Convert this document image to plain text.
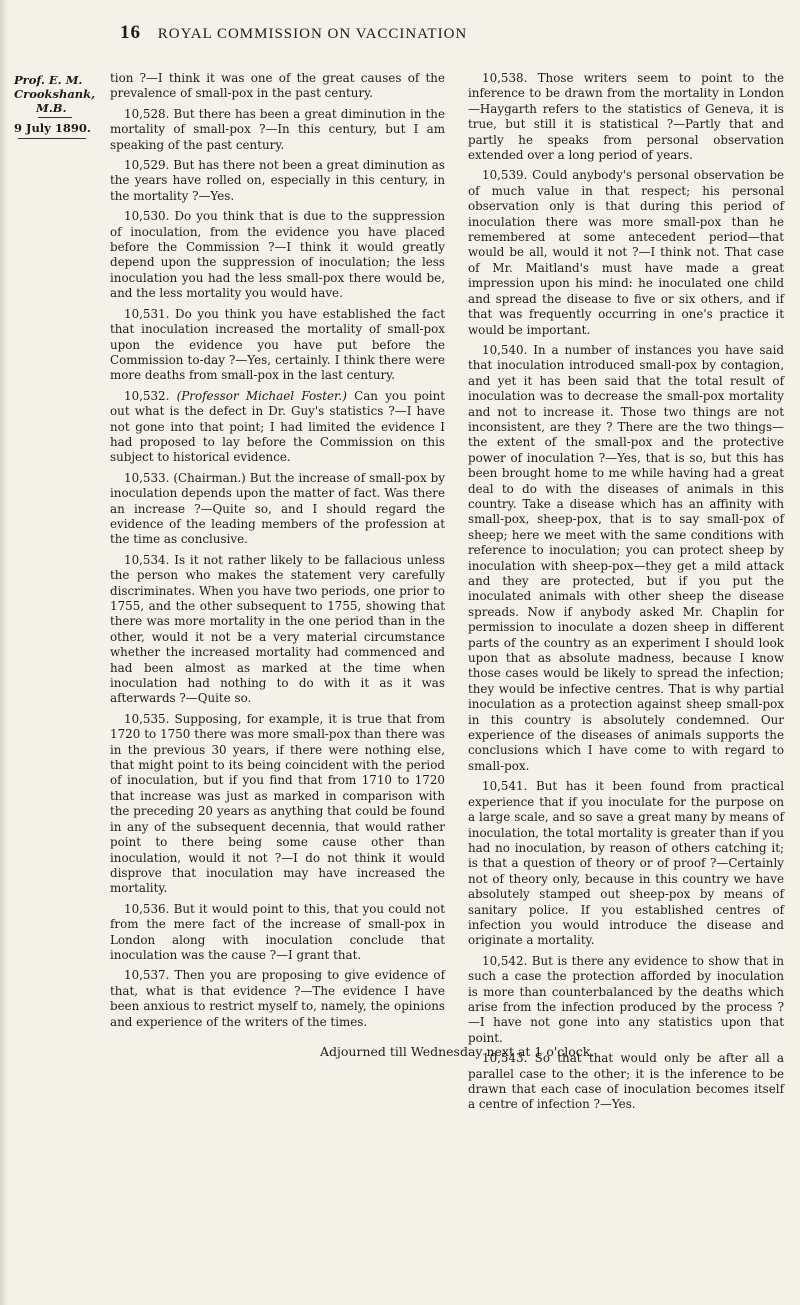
16 ROYAL COMMISSION ON VACCINATION
Prof. E. M.
Crookshank,
M.B.
9 July 1890.

tion ?—I think it was one of the great causes of the prevalence of small-pox in the past century.

10,528. But there has been a great diminution in the mortality of small-pox ?—In this century, but I am speaking of the past century.

10,529. But has there not been a great diminution as the years have rolled on, especially in this century, in the mortality ?—Yes.

10,530. Do you think that is due to the suppression of inoculation, from the evidence you have placed before the Commission ?—I think it would greatly depend upon the suppression of inoculation; the less inoculation you had the less small-pox there would be, and the less mortality you would have.

10,531. Do you think you have established the fact that inoculation increased the mortality of small-pox upon the evidence you have put before the Commission to-day ?—Yes, certainly. I think there were more deaths from small-pox in the last century.

10,532. (Professor Michael Foster.) Can you point out what is the defect in Dr. Guy's statistics ?—I have not gone into that point; I had limited the evidence I had proposed to lay before the Commission on this subject to historical evidence.

10,533. (Chairman.) But the increase of small-pox by inoculation depends upon the matter of fact. Was there an increase ?—Quite so, and I should regard the evidence of the leading members of the profession at the time as conclusive.

10,534. Is it not rather likely to be fallacious unless the person who makes the statement very carefully discriminates. When you have two periods, one prior to 1755, and the other subsequent to 1755, showing that there was more mortality in the one period than in the other, would it not be a very material circumstance whether the increased mortality had commenced and had been almost as marked at the time when inoculation had nothing to do with it as it was afterwards ?—Quite so.

10,535. Supposing, for example, it is true that from 1720 to 1750 there was more small-pox than there was in the previous 30 years, if there were nothing else, that might point to its being coincident with the period of inoculation, but if you find that from 1710 to 1720 that increase was just as marked in comparison with the preceding 20 years as anything that could be found in any of the subsequent decennia, that would rather point to there being some cause other than inoculation, would it not ?—I do not think it would disprove that inoculation may have increased the mortality.

10,536. But it would point to this, that you could not from the mere fact of the increase of small-pox in London along with inoculation conclude that inoculation was the cause ?—I grant that.

10,537. Then you are proposing to give evidence of that, what is that evidence ?—The evidence I have been anxious to restrict myself to, namely, the opinions and experience of the writers of the times.

10,538. Those writers seem to point to the inference to be drawn from the mortality in London—Haygarth refers to the statistics of Geneva, it is true, but still it is statistical ?—Partly that and partly he speaks from personal observation extended over a long period of years.

10,539. Could anybody's personal observation be of much value in that respect; his personal observation only is that during this period of inoculation there was more small-pox than he remembered at some antecedent period—that would be all, would it not ?—I think not. That case of Mr. Maitland's must have made a great impression upon his mind: he inoculated one child and spread the disease to five or six others, and if that was frequently occurring in one's practice it would be important.

10,540. In a number of instances you have said that inoculation introduced small-pox by contagion, and yet it has been said that the total result of inoculation was to decrease the small-pox mortality and not to increase it. Those two things are not inconsistent, are they ? There are the two things—the extent of the small-pox and the protective power of inoculation ?—Yes, that is so, but this has been brought home to me while having had a great deal to do with the diseases of animals in this country. Take a disease which has an affinity with small-pox, sheep-pox, that is to say small-pox of sheep; here we meet with the same conditions with reference to inoculation; you can protect sheep by inoculation with sheep-pox—they get a mild attack and they are protected, but if you put the inoculated animals with other sheep the disease spreads. Now if anybody asked Mr. Chaplin for permission to inoculate a dozen sheep in different parts of the country as an experiment I should look upon that as absolute madness, because I know those cases would be likely to spread the infection; they would be infective centres. That is why partial inoculation as a protection against sheep small-pox in this country is absolutely condemned. Our experience of the diseases of animals supports the conclusions which I have come to with regard to small-pox.

10,541. But has it been found from practical experience that if you inoculate for the purpose on a large scale, and so save a great many by means of inoculation, the total mortality is greater than if you had no inoculation, by reason of others catching it; is that a question of theory or of proof ?—Certainly not of theory only, because in this country we have absolutely stamped out sheep-pox by means of sanitary police. If you established centres of infection you would introduce the disease and originate a mortality.

10,542. But is there any evidence to show that in such a case the protection afforded by inoculation is more than counterbalanced by the deaths which arise from the infection produced by the process ?—I have not gone into any statistics upon that point.

10,543. So that that would only be after all a parallel case to the other; it is the inference to be drawn that each case of inoculation becomes itself a centre of infection ?—Yes.

Adjourned till Wednesday next at 1 o'clock.
